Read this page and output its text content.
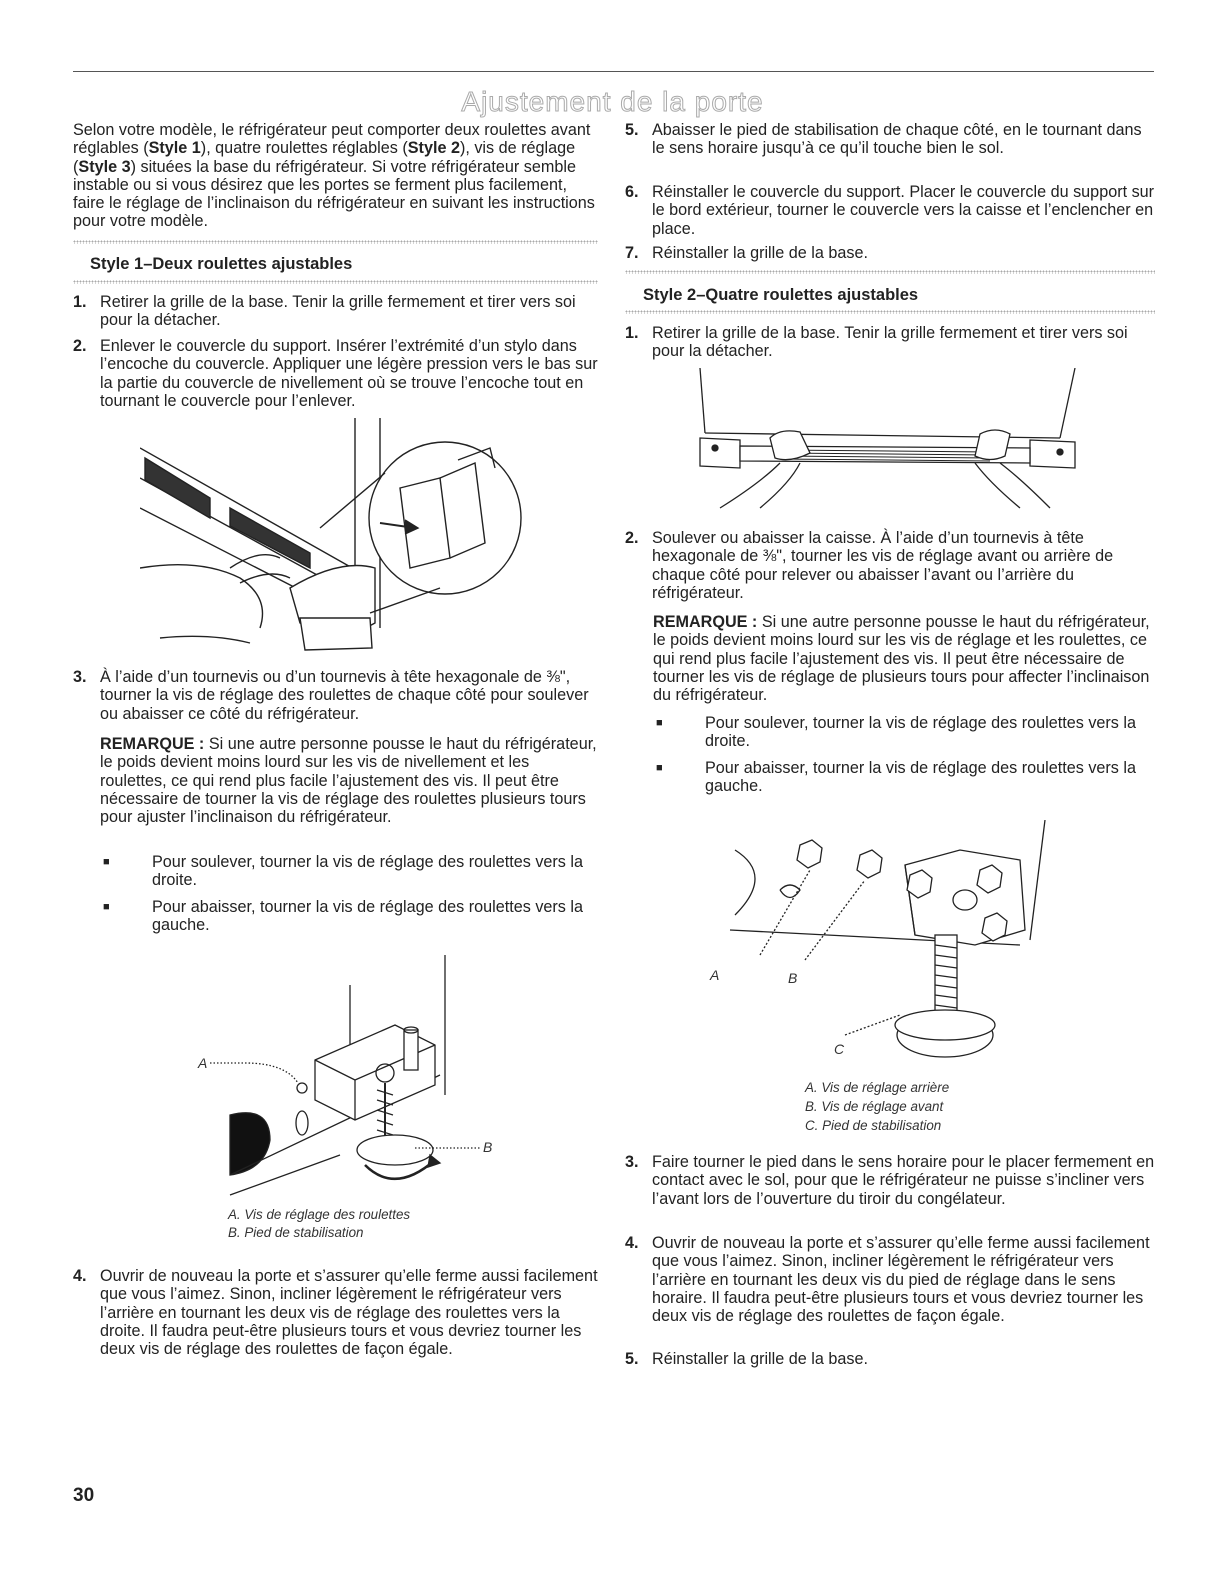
Ajustement de la porte

Selon votre modèle, le réfrigérateur peut comporter deux roulettes avant réglables (Style 1), quatre roulettes réglables (Style 2), vis de réglage (Style 3) situées la base du réfrigérateur. Si votre réfrigérateur semble instable ou si vous désirez que les portes se ferment plus facilement, faire le réglage de l’inclinaison du réfrigérateur en suivant les instructions pour votre modèle.

Style 1–Deux roulettes ajustables
1. Retirer la grille de la base. Tenir la grille fermement et tirer vers soi pour la détacher.
2. Enlever le couvercle du support. Insérer l’extrémité d’un stylo dans l’encoche du couvercle. Appliquer une légère pression vers le bas sur la partie du couvercle de nivellement où se trouve l’encoche tout en tournant le couvercle pour l’enlever.
3. À l’aide d’un tournevis ou d’un tournevis à tête hexagonale de ⅜", tourner la vis de réglage des roulettes de chaque côté pour soulever ou abaisser ce côté du réfrigérateur.

REMARQUE : Si une autre personne pousse le haut du réfrigérateur, le poids devient moins lourd sur les vis de nivellement et les roulettes, ce qui rend plus facile l’ajustement des vis. Il peut être nécessaire de tourner la vis de réglage des roulettes plusieurs tours pour ajuster l’inclinaison du réfrigérateur.

■	Pour soulever, tourner la vis de réglage des roulettes vers la droite.
■	Pour abaisser, tourner la vis de réglage des roulettes vers la gauche.
A
B
A. Vis de réglage des roulettes
B. Pied de stabilisation
4. Ouvrir de nouveau la porte et s’assurer qu’elle ferme aussi facilement que vous l’aimez. Sinon, incliner légèrement le réfrigérateur vers l’arrière en tournant les deux vis de réglage des roulettes vers la droite. Il faudra peut-être plusieurs tours et vous devriez tourner les deux vis de réglage des roulettes de façon égale.
5. Abaisser le pied de stabilisation de chaque côté, en le tournant dans le sens horaire jusqu’à ce qu’il touche bien le sol.
6. Réinstaller le couvercle du support. Placer le couvercle du support sur le bord extérieur, tourner le couvercle vers la caisse et l’enclencher en place.
7. Réinstaller la grille de la base.
Style 2–Quatre roulettes ajustables
1. Retirer la grille de la base. Tenir la grille fermement et tirer vers soi pour la détacher.
2. Soulever ou abaisser la caisse. À l’aide d’un tournevis à tête hexagonale de ⅜", tourner les vis de réglage avant ou arrière de chaque côté pour relever ou abaisser l’avant ou l’arrière du réfrigérateur.

REMARQUE : Si une autre personne pousse le haut du réfrigérateur, le poids devient moins lourd sur les vis de réglage et les roulettes, ce qui rend plus facile l’ajustement des vis. Il peut être nécessaire de tourner les vis de réglage de plusieurs tours pour affecter l’inclinaison du réfrigérateur.

■	Pour soulever, tourner la vis de réglage des roulettes vers la droite.
■	Pour abaisser, tourner la vis de réglage des roulettes vers la gauche.
A	B
C
A. Vis de réglage arrière
B. Vis de réglage avant
C. Pied de stabilisation
3. Faire tourner le pied dans le sens horaire pour le placer fermement en contact avec le sol, pour que le réfrigérateur ne puisse s’incliner vers l’avant lors de l’ouverture du tiroir du congélateur.
4. Ouvrir de nouveau la porte et s’assurer qu’elle ferme aussi facilement que vous l’aimez. Sinon, incliner légèrement le réfrigérateur vers l’arrière en tournant les deux vis du pied de réglage dans le sens horaire. Il faudra peut-être plusieurs tours et vous devriez tourner les deux vis de réglage des roulettes de façon égale.
5. Réinstaller la grille de la base.
30
